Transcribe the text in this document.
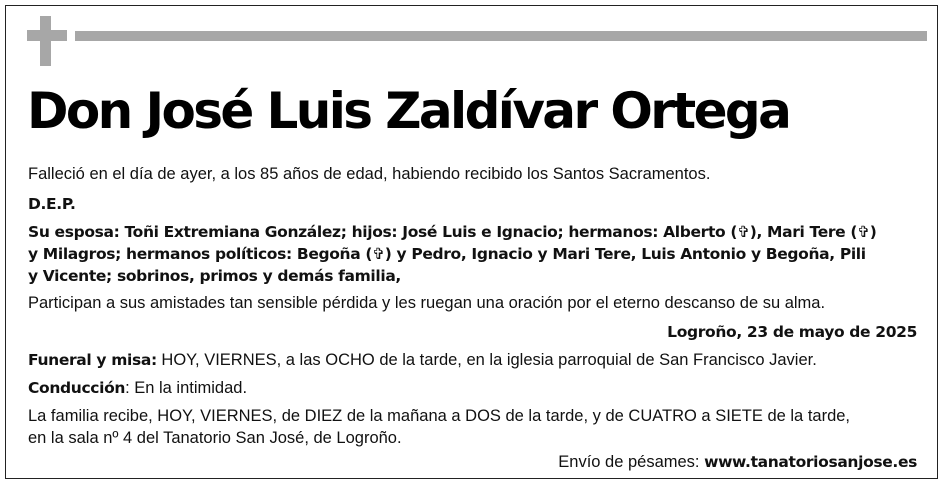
Don José Luis Zaldívar Ortega
Falleció en el día de ayer, a los 85 años de edad, habiendo recibido los Santos Sacramentos.
D.E.P.
Su esposa: Toñi Extremiana González; hijos: José Luis e Ignacio; hermanos: Alberto (✞), Mari Tere (✞)
y Milagros; hermanos políticos: Begoña (✞) y Pedro, Ignacio y Mari Tere, Luis Antonio y Begoña, Pili
y Vicente; sobrinos, primos y demás familia,
Participan a sus amistades tan sensible pérdida y les ruegan una oración por el eterno descanso de su alma.
Logroño, 23 de mayo de 2025
Funeral y misa: HOY, VIERNES, a las OCHO de la tarde, en la iglesia parroquial de San Francisco Javier.
Conducción: En la intimidad.
La familia recibe, HOY, VIERNES, de DIEZ de la mañana a DOS de la tarde, y de CUATRO a SIETE de la tarde,
en la sala nº 4 del Tanatorio San José, de Logroño.
Envío de pésames: www.tanatoriosanjose.es
